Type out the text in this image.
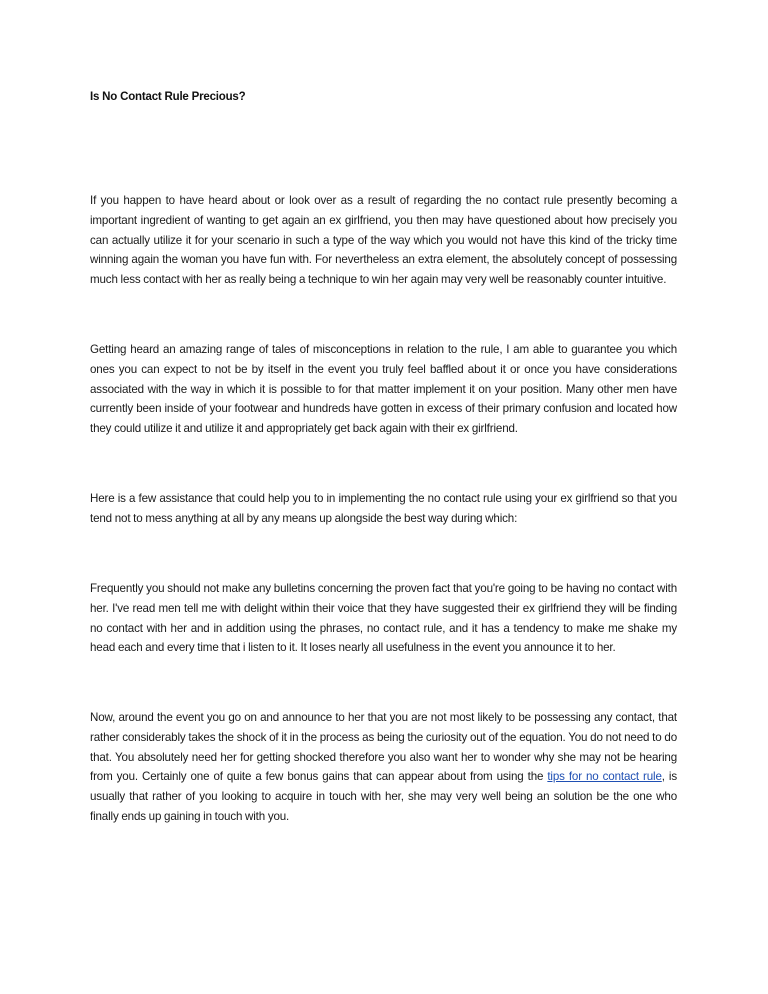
Is No Contact Rule Precious?

If you happen to have heard about or look over as a result of regarding the no contact rule presently becoming a important ingredient of wanting to get again an ex girlfriend, you then may have questioned about how precisely you can actually utilize it for your scenario in such a type of the way which you would not have this kind of the tricky time winning again the woman you have fun with. For nevertheless an extra element, the absolutely concept of possessing much less contact with her as really being a technique to win her again may very well be reasonably counter intuitive.

Getting heard an amazing range of tales of misconceptions in relation to the rule, I am able to guarantee you which ones you can expect to not be by itself in the event you truly feel baffled about it or once you have considerations associated with the way in which it is possible to for that matter implement it on your position. Many other men have currently been inside of your footwear and hundreds have gotten in excess of their primary confusion and located how they could utilize it and utilize it and appropriately get back again with their ex girlfriend.

Here is a few assistance that could help you to in implementing the no contact rule using your ex girlfriend so that you tend not to mess anything at all by any means up alongside the best way during which:

Frequently you should not make any bulletins concerning the proven fact that you're going to be having no contact with her. I've read men tell me with delight within their voice that they have suggested their ex girlfriend they will be finding no contact with her and in addition using the phrases, no contact rule, and it has a tendency to make me shake my head each and every time that i listen to it. It loses nearly all usefulness in the event you announce it to her.

Now, around the event you go on and announce to her that you are not most likely to be possessing any contact, that rather considerably takes the shock of it in the process as being the curiosity out of the equation. You do not need to do that. You absolutely need her for getting shocked therefore you also want her to wonder why she may not be hearing from you. Certainly one of quite a few bonus gains that can appear about from using the tips for no contact rule, is usually that rather of you looking to acquire in touch with her, she may very well being an solution be the one who finally ends up gaining in touch with you.
